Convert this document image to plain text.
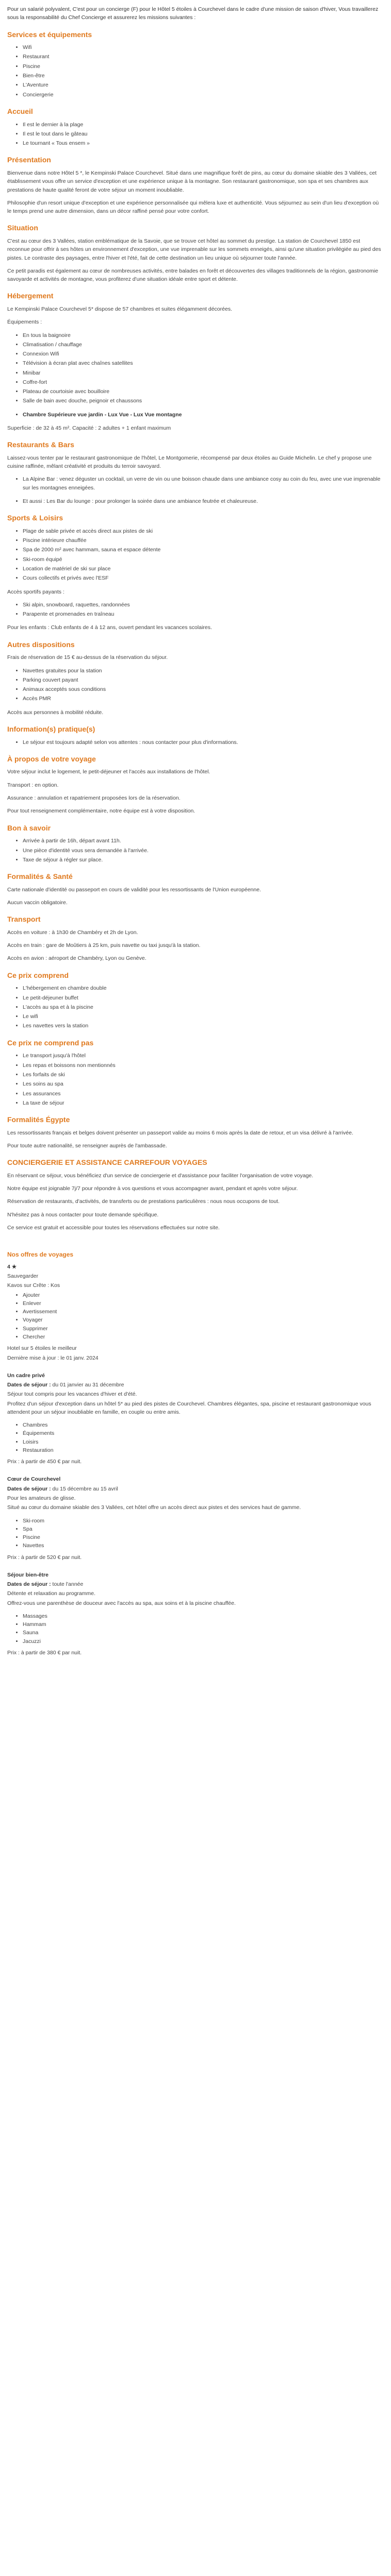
Pour un salarié polyvalent, C'est pour un concierge (F) pour le Hôtel 5 étoiles à Courchevel dans le cadre d'une mission de saison d'hiver, Vous travaillerez sous la responsabilité du Chef Concierge et assurerez les missions suivantes :

Services et équipements
• Wifi
• Restaurant
• Piscine
• Bien-être
• L'Aventure
• Conciergerie
Accueil
• Il est le dernier à la plage
• Il est le tout dans le gâteau
• Le tournant « Tous ensem »
Présentation

Bienvenue dans notre Hôtel 5 *, le Kempinski Palace Courchevel. Situé dans une magnifique forêt de pins, au cœur du domaine skiable des 3 Vallées, cet établissement vous offre un service d'exception et une expérience unique à la montagne. Son restaurant gastronomique, son spa et ses chambres aux prestations de haute qualité feront de votre séjour un moment inoubliable.

Philosophie d'un resort unique d'exception et une expérience personnalisée qui mêlera luxe et authenticité. Vous séjournez au sein d'un lieu d'exception où le temps prend une autre dimension, dans un décor raffiné pensé pour votre confort.

Situation

C'est au cœur des 3 Vallées, station emblématique de la Savoie, que se trouve cet hôtel au sommet du prestige. La station de Courchevel 1850 est reconnue pour offrir à ses hôtes un environnement d'exception, une vue imprenable sur les sommets enneigés, ainsi qu'une situation privilégiée au pied des pistes. Le contraste des paysages, entre l'hiver et l'été, fait de cette destination un lieu unique où séjourner toute l'année.

Ce petit paradis est également au cœur de nombreuses activités, entre balades en forêt et découvertes des villages traditionnels de la région, gastronomie savoyarde et activités de montagne, vous profiterez d'une situation idéale entre sport et détente.

Hébergement

Le Kempinski Palace Courchevel 5* dispose de 57 chambres et suites élégamment décorées.

Équipements :

• En tous la baignoire
• Climatisation / chauffage
• Connexion Wifi
• Télévision à écran plat avec chaînes satellites
• Minibar
• Coffre-fort
• Plateau de courtoisie avec bouilloire
• Salle de bain avec douche, peignoir et chaussons
• Chambre Supérieure vue jardin - Lux Vue - Lux Vue montagne

Superficie : de 32 à 45 m². Capacité : 2 adultes + 1 enfant maximum

Restaurants & Bars

Laissez-vous tenter par le restaurant gastronomique de l'hôtel, Le Montgomerie, récompensé par deux étoiles au Guide Michelin. Le chef y propose une cuisine raffinée, mêlant créativité et produits du terroir savoyard.

• La Alpine Bar : venez déguster un cocktail, un verre de vin ou une boisson chaude dans une ambiance cosy au coin du feu, avec une vue imprenable sur les montagnes enneigées.
• Et aussi : Les Bar du lounge : pour prolonger la soirée dans une ambiance feutrée et chaleureuse.
Sports & Loisirs
• Plage de sable privée et accès direct aux pistes de ski
• Piscine intérieure chauffée
• Spa de 2000 m² avec hammam, sauna et espace détente
• Ski-room équipé
• Location de matériel de ski sur place
• Cours collectifs et privés avec l'ESF

Accès sportifs payants :

• Ski alpin, snowboard, raquettes, randonnées
• Parapente et promenades en traîneau

Pour les enfants : Club enfants de 4 à 12 ans, ouvert pendant les vacances scolaires.

Autres dispositions

Frais de réservation de 15 € au-dessus de la réservation du séjour.

• Navettes gratuites pour la station
• Parking couvert payant
• Animaux acceptés sous conditions
• Accès PMR

Accès aux personnes à mobilité réduite.

Information(s) pratique(s)
• Le séjour est toujours adapté selon vos attentes : nous contacter pour plus d'informations.
À propos de votre voyage

Votre séjour inclut le logement, le petit-déjeuner et l'accès aux installations de l'hôtel.

Transport : en option.

Assurance : annulation et rapatriement proposées lors de la réservation.

Pour tout renseignement complémentaire, notre équipe est à votre disposition.

Bon à savoir
• Arrivée à partir de 16h, départ avant 11h.
• Une pièce d'identité vous sera demandée à l'arrivée.
• Taxe de séjour à régler sur place.
Formalités & Santé

Carte nationale d'identité ou passeport en cours de validité pour les ressortissants de l'Union européenne.

Aucun vaccin obligatoire.

Transport

Accès en voiture : à 1h30 de Chambéry et 2h de Lyon.

Accès en train : gare de Moûtiers à 25 km, puis navette ou taxi jusqu'à la station.

Accès en avion : aéroport de Chambéry, Lyon ou Genève.

Ce prix comprend
• L'hébergement en chambre double
• Le petit-déjeuner buffet
• L'accès au spa et à la piscine
• Le wifi
• Les navettes vers la station
Ce prix ne comprend pas
• Le transport jusqu'à l'hôtel
• Les repas et boissons non mentionnés
• Les forfaits de ski
• Les soins au spa
• Les assurances
• La taxe de séjour
Formalités Égypte

Les ressortissants français et belges doivent présenter un passeport valide au moins 6 mois après la date de retour, et un visa délivré à l'arrivée.

Pour toute autre nationalité, se renseigner auprès de l'ambassade.

CONCIERGERIE ET ASSISTANCE CARREFOUR VOYAGES

En réservant ce séjour, vous bénéficiez d'un service de conciergerie et d'assistance pour faciliter l'organisation de votre voyage.

Notre équipe est joignable 7j/7 pour répondre à vos questions et vous accompagner avant, pendant et après votre séjour.

Réservation de restaurants, d'activités, de transferts ou de prestations particulières : nous nous occupons de tout.

N'hésitez pas à nous contacter pour toute demande spécifique.

Ce service est gratuit et accessible pour toutes les réservations effectuées sur notre site.

Nos offres de voyages
4 ★
Sauvegarder
Kavos sur Crête : Kos
• Ajouter
• Enlever
• Avertissement
• Voyager
• Supprimer
• Chercher

Hotel sur 5 étoiles le meilleur

Dernière mise à jour : le 01 janv. 2024

Un cadre privé

Dates de séjour : du 01 janvier au 31 décembre

Séjour tout compris pour les vacances d'hiver et d'été.

Profitez d'un séjour d'exception dans un hôtel 5* au pied des pistes de Courchevel. Chambres élégantes, spa, piscine et restaurant gastronomique vous attendent pour un séjour inoubliable en famille, en couple ou entre amis.

• Chambres
• Équipements
• Loisirs
• Restauration

Prix : à partir de 450 € par nuit.

Cœur de Courchevel

Dates de séjour : du 15 décembre au 15 avril

Pour les amateurs de glisse.

Situé au cœur du domaine skiable des 3 Vallées, cet hôtel offre un accès direct aux pistes et des services haut de gamme.

• Ski-room
• Spa
• Piscine
• Navettes

Prix : à partir de 520 € par nuit.

Séjour bien-être

Dates de séjour : toute l'année

Détente et relaxation au programme.

Offrez-vous une parenthèse de douceur avec l'accès au spa, aux soins et à la piscine chauffée.

• Massages
• Hammam
• Sauna
• Jacuzzi

Prix : à partir de 380 € par nuit.
